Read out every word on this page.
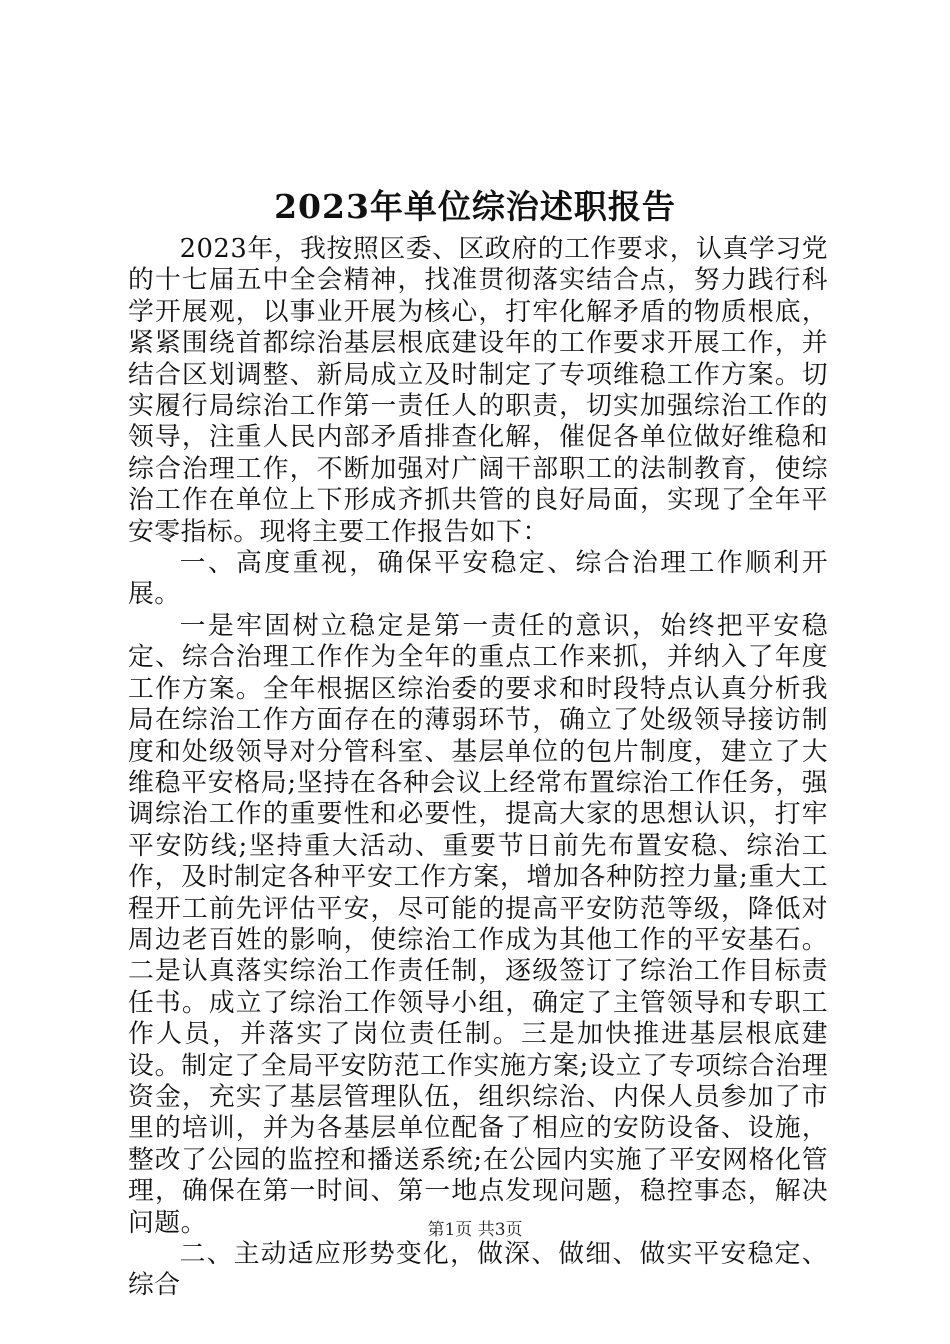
2023年单位综治述职报告

2023年，我按照区委、区政府的工作要求，认真学习党的十七届五中全会精神，找准贯彻落实结合点，努力践行科学开展观，以事业开展为核心，打牢化解矛盾的物质根底，紧紧围绕首都综治基层根底建设年的工作要求开展工作，并结合区划调整、新局成立及时制定了专项维稳工作方案。切实履行局综治工作第一责任人的职责，切实加强综治工作的领导，注重人民内部矛盾排查化解，催促各单位做好维稳和综合治理工作，不断加强对广阔干部职工的法制教育，使综治工作在单位上下形成齐抓共管的良好局面，实现了全年平安零指标。现将主要工作报告如下：

一、高度重视，确保平安稳定、综合治理工作顺利开展。

一是牢固树立稳定是第一责任的意识，始终把平安稳定、综合治理工作作为全年的重点工作来抓，并纳入了年度工作方案。全年根据区综治委的要求和时段特点认真分析我局在综治工作方面存在的薄弱环节，确立了处级领导接访制度和处级领导对分管科室、基层单位的包片制度，建立了大维稳平安格局;坚持在各种会议上经常布置综治工作任务，强调综治工作的重要性和必要性，提高大家的思想认识，打牢平安防线;坚持重大活动、重要节日前先布置安稳、综治工作，及时制定各种平安工作方案，增加各种防控力量;重大工程开工前先评估平安，尽可能的提高平安防范等级，降低对周边老百姓的影响，使综治工作成为其他工作的平安基石。二是认真落实综治工作责任制，逐级签订了综治工作目标责任书。成立了综治工作领导小组，确定了主管领导和专职工作人员，并落实了岗位责任制。三是加快推进基层根底建设。制定了全局平安防范工作实施方案;设立了专项综合治理资金，充实了基层管理队伍，组织综治、内保人员参加了市里的培训，并为各基层单位配备了相应的安防设备、设施，整改了公园的监控和播送系统;在公园内实施了平安网格化管理，确保在第一时间、第一地点发现问题，稳控事态，解决问题。

二、主动适应形势变化，做深、做细、做实平安稳定、综合

第1页 共3页
